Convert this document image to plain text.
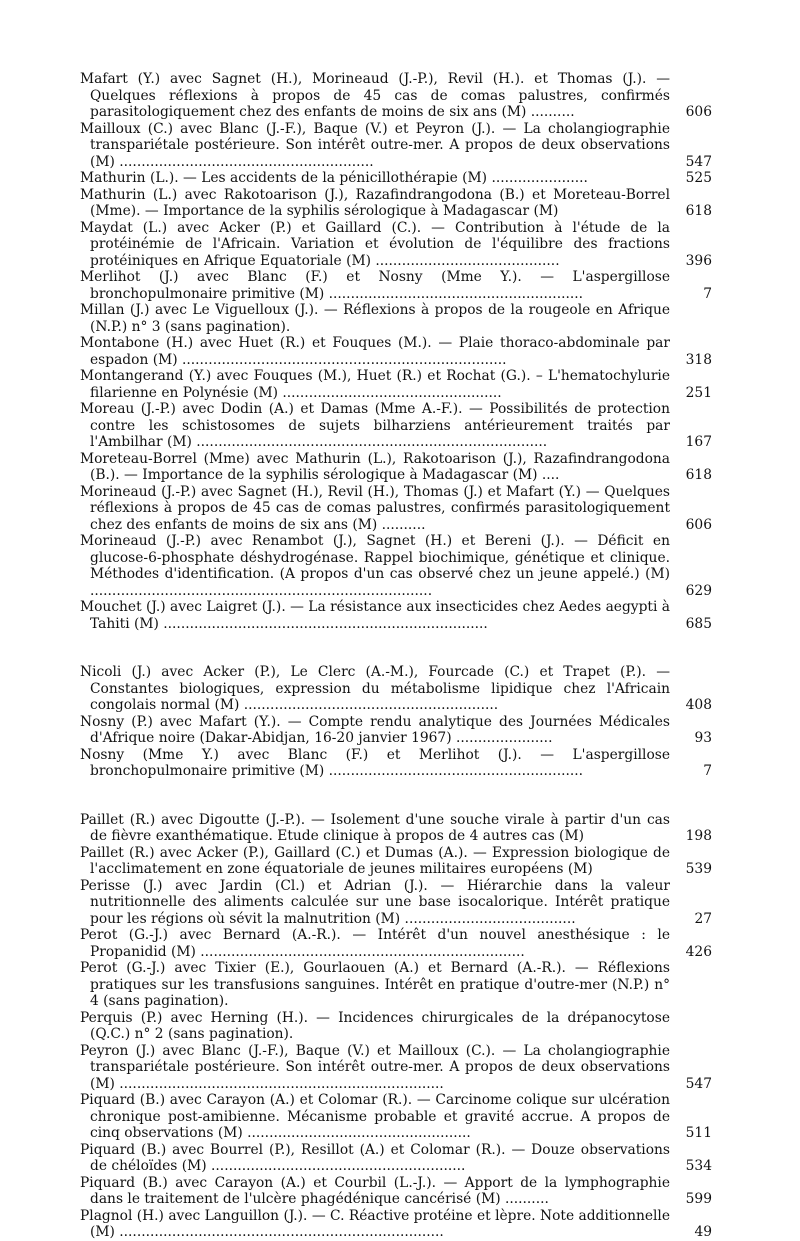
Mafart (Y.) avec Sagnet (H.), Morineaud (J.-P.), Revil (H.). et Thomas (J.). — Quelques réflexions à propos de 45 cas de comas palustres, confirmés parasitologiquement chez des enfants de moins de six ans (M) ..........	606
Mailloux (C.) avec Blanc (J.-F.), Baque (V.) et Peyron (J.). — La cholangiographie transpariétale postérieure. Son intérêt outre-mer. A propos de deux observations (M) ..........................................................	547
Mathurin (L.). — Les accidents de la pénicillothérapie (M) ......................	525
Mathurin (L.) avec Rakotoarison (J.), Razafindrangodona (B.) et Moreteau-Borrel (Mme). — Importance de la syphilis sérologique à Madagascar (M)	618
Maydat (L.) avec Acker (P.) et Gaillard (C.). — Contribution à l'étude de la protéinémie de l'Africain. Variation et évolution de l'équilibre des fractions protéiniques en Afrique Equatoriale (M) ..........................................	396
Merlihot (J.) avec Blanc (F.) et Nosny (Mme Y.). — L'aspergillose bronchopulmonaire primitive (M) ..........................................................	7
Millan (J.) avec Le Viguelloux (J.). — Réflexions à propos de la rougeole en Afrique (N.P.) n° 3 (sans pagination).
Montabone (H.) avec Huet (R.) et Fouques (M.). — Plaie thoraco-abdominale par espadon (M) ..........................................................................	318
Montangerand (Y.) avec Fouques (M.), Huet (R.) et Rochat (G.). – L'hematochylurie filarienne en Polynésie (M) ..................................................	251
Moreau (J.-P.) avec Dodin (A.) et Damas (Mme A.-F.). — Possibilités de protection contre les schistosomes de sujets bilharziens antérieurement traités par l'Ambilhar (M) ................................................................................	167
Moreteau-Borrel (Mme) avec Mathurin (L.), Rakotoarison (J.), Razafindrangodona (B.). — Importance de la syphilis sérologique à Madagascar (M) ....	618
Morineaud (J.-P.) avec Sagnet (H.), Revil (H.), Thomas (J.) et Mafart (Y.) — Quelques réflexions à propos de 45 cas de comas palustres, confirmés parasitologiquement chez des enfants de moins de six ans (M) ..........	606
Morineaud (J.-P.) avec Renambot (J.), Sagnet (H.) et Bereni (J.). — Déficit en glucose-6-phosphate déshydrogénase. Rappel biochimique, génétique et clinique. Méthodes d'identification. (A propos d'un cas observé chez un jeune appelé.) (M) ..............................................................................	629
Mouchet (J.) avec Laigret (J.). — La résistance aux insecticides chez Aedes aegypti à Tahiti (M) ..........................................................................	685
Nicoli (J.) avec Acker (P.), Le Clerc (A.-M.), Fourcade (C.) et Trapet (P.). — Constantes biologiques, expression du métabolisme lipidique chez l'Africain congolais normal (M) ..........................................................	408
Nosny (P.) avec Mafart (Y.). — Compte rendu analytique des Journées Médicales d'Afrique noire (Dakar-Abidjan, 16-20 janvier 1967) ......................	93
Nosny (Mme Y.) avec Blanc (F.) et Merlihot (J.). — L'aspergillose bronchopulmonaire primitive (M) ..........................................................	7
Paillet (R.) avec Digoutte (J.-P.). — Isolement d'une souche virale à partir d'un cas de fièvre exanthématique. Etude clinique à propos de 4 autres cas (M)	198
Paillet (R.) avec Acker (P.), Gaillard (C.) et Dumas (A.). — Expression biologique de l'acclimatement en zone équatoriale de jeunes militaires européens (M)	539
Perisse (J.) avec Jardin (Cl.) et Adrian (J.). — Hiérarchie dans la valeur nutritionnelle des aliments calculée sur une base isocalorique. Intérêt pratique pour les régions où sévit la malnutrition (M) .......................................	27
Perot (G.-J.) avec Bernard (A.-R.). — Intérêt d'un nouvel anesthésique : le Propanidid (M) ..........................................................................	426
Perot (G.-J.) avec Tixier (E.), Gourlaouen (A.) et Bernard (A.-R.). — Réflexions pratiques sur les transfusions sanguines. Intérêt en pratique d'outre-mer (N.P.) n° 4 (sans pagination).
Perquis (P.) avec Herning (H.). — Incidences chirurgicales de la drépanocytose (Q.C.) n° 2 (sans pagination).
Peyron (J.) avec Blanc (J.-F.), Baque (V.) et Mailloux (C.). — La cholangiographie transpariétale postérieure. Son intérêt outre-mer. A propos de deux observations (M) ..........................................................................	547
Piquard (B.) avec Carayon (A.) et Colomar (R.). — Carcinome colique sur ulcération chronique post-amibienne. Mécanisme probable et gravité accrue. A propos de cinq observations (M) ...................................................	511
Piquard (B.) avec Bourrel (P.), Resillot (A.) et Colomar (R.). — Douze observations de chéloïdes (M) ..........................................................	534
Piquard (B.) avec Carayon (A.) et Courbil (L.-J.). — Apport de la lymphographie dans le traitement de l'ulcère phagédénique cancérisé (M) ..........	599
Plagnol (H.) avec Languillon (J.). — C. Réactive protéine et lèpre. Note additionnelle (M) ..........................................................................	49
